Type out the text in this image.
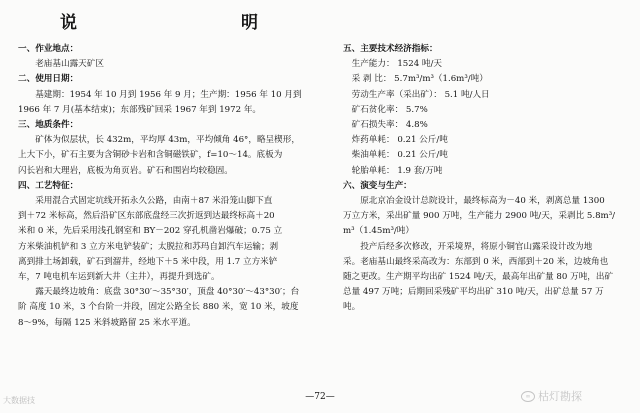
说	明
一、作业地点：
老庙基山露天矿区
二、使用日期：
基建期：1954 年 10 月到 1956 年 9 月；生产期：1956 年 10 月到
1966 年 7 月(基本结束)；东部残矿回采 1967 年到 1972 年。
三、地质条件：
矿体为似层状，长 432m，平均厚 43m，平均倾角 46°，略呈楔形，
上大下小，矿石主要为含铜砂卡岩和含铜磁铁矿，f=10～14。底板为
闪长岩和大理岩，底板为角页岩。矿石和围岩均较稳固。
四、工艺特征：
采用混合式固定坑线开拓永久公路，由南＋87 米沿笼山脚下直
到＋72 米标高，然后沿矿区东部底盘经三次折返到达最终标高＋20
米和 0 米，先后采用浅孔钢室和 BY－202 穿孔机凿岩爆破；0.75 立
方米柴油机铲和 3 立方米电铲装矿；太脱拉和苏玛自卸汽车运输；剥
离到排土场卸载，矿石到溜井，经地下＋5 米中段，用 1.7 立方米铲
车，7 吨电机车运到新大井（主井），再提升到选矿。
露天最终边坡角：底盘 30°30′～35°30′，顶盘 40°30′～43°30′；台
阶 高度 10 米，3 个台阶一并段，固定公路全长 880 米，宽 10 米，坡度
8～9%，每隔 125 米斜坡路留 25 米水平道。
五、主要技术经济指标：
生产能力： 1524 吨/天
采 剥 比： 5.7m³/m³（1.6m³/吨）
劳动生产率（采出矿）： 5.1 吨/人日
矿石贫化率： 5.7%
矿石损失率： 4.8%
炸药单耗： 0.21 公斤/吨
柴油单耗： 0.21 公斤/吨
轮胎单耗： 1.9 套/万吨
六、演变与生产：
原北京冶金设计总院设计，最终标高为－40 米，剥离总量 1300
万立方米，采出矿量 900 万吨，生产能力 2900 吨/天，采剥比 5.8m³/
m³（1.45m³/吨）
投产后经多次修改，开采境界，将原小铜官山露采设计改为地
采。老庙基山最终采高改为：东部到 0 米，西部到＋20 米，边坡角也
随之更改。生产期平均出矿 1524 吨/天，最高年出矿量 80 万吨，出矿
总量 497 万吨；后期回采残矿平均出矿 310 吨/天，出矿总量 57 万
吨。
—72—
大数据技	∞ 枯灯勘探
